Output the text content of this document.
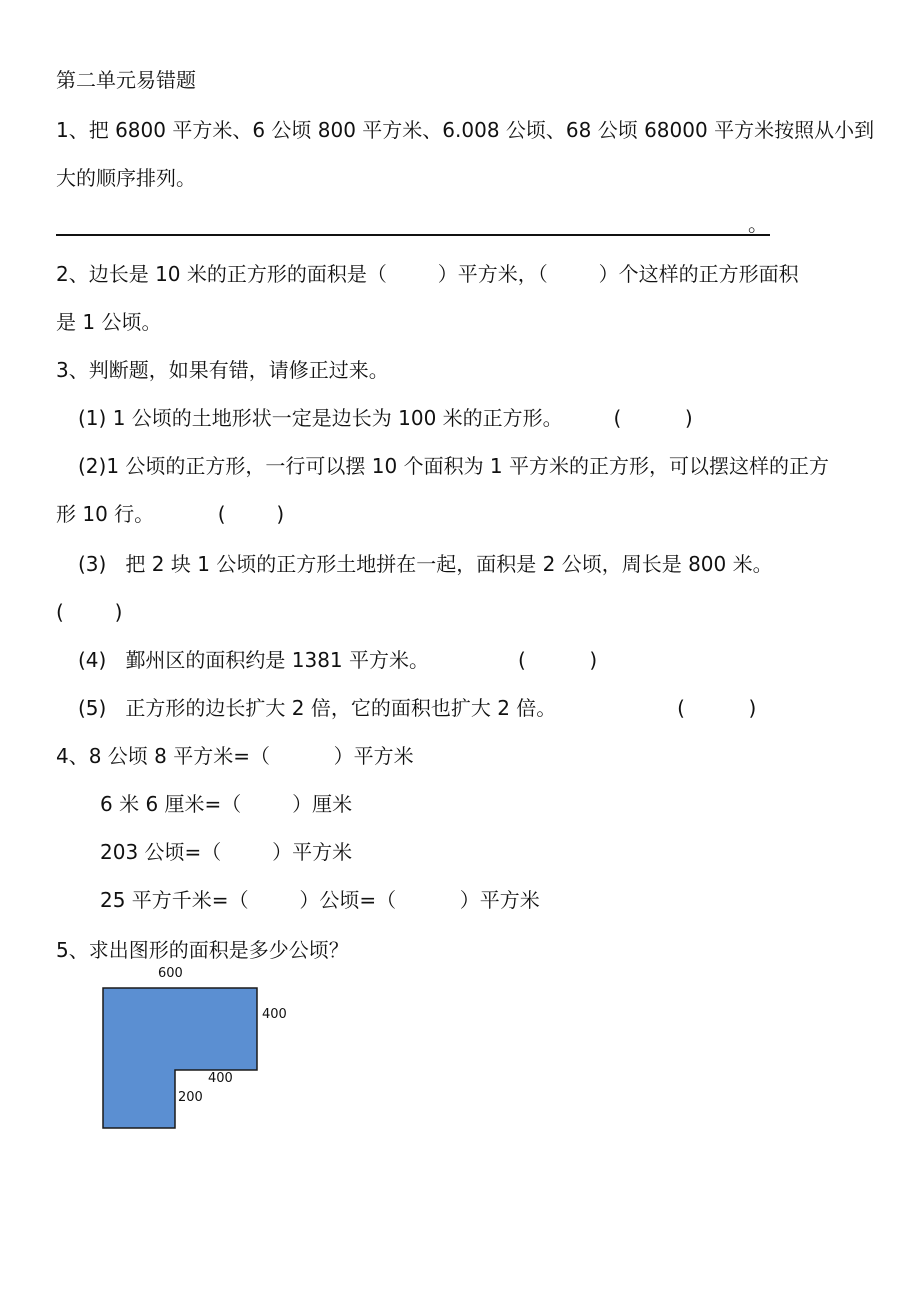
第二单元易错题
1、把 6800 平方米、6 公顷 800 平方米、6.008 公顷、68 公顷 68000 平方米按照从小到
大的顺序排列。
。
2、边长是 10 米的正方形的面积是（        ）平方米，（        ）个这样的正方形面积
是 1 公顷。
3、判断题，如果有错，请修正过来。
(1) 1 公顷的土地形状一定是边长为 100 米的正方形。        (          )
(2)1 公顷的正方形，一行可以摆 10 个面积为 1 平方米的正方形，可以摆这样的正方
形 10 行。          (        )
(3)   把 2 块 1 公顷的正方形土地拼在一起，面积是 2 公顷，周长是 800 米。
(        )
(4)   鄞州区的面积约是 1381 平方米。              (          )
(5)   正方形的边长扩大 2 倍，它的面积也扩大 2 倍。                   (          )
4、8 公顷 8 平方米=（          ）平方米
6 米 6 厘米=（        ）厘米
203 公顷=（        ）平方米
25 平方千米=（        ）公顷=（          ）平方米
5、求出图形的面积是多少公顷？
600
400
400
200
